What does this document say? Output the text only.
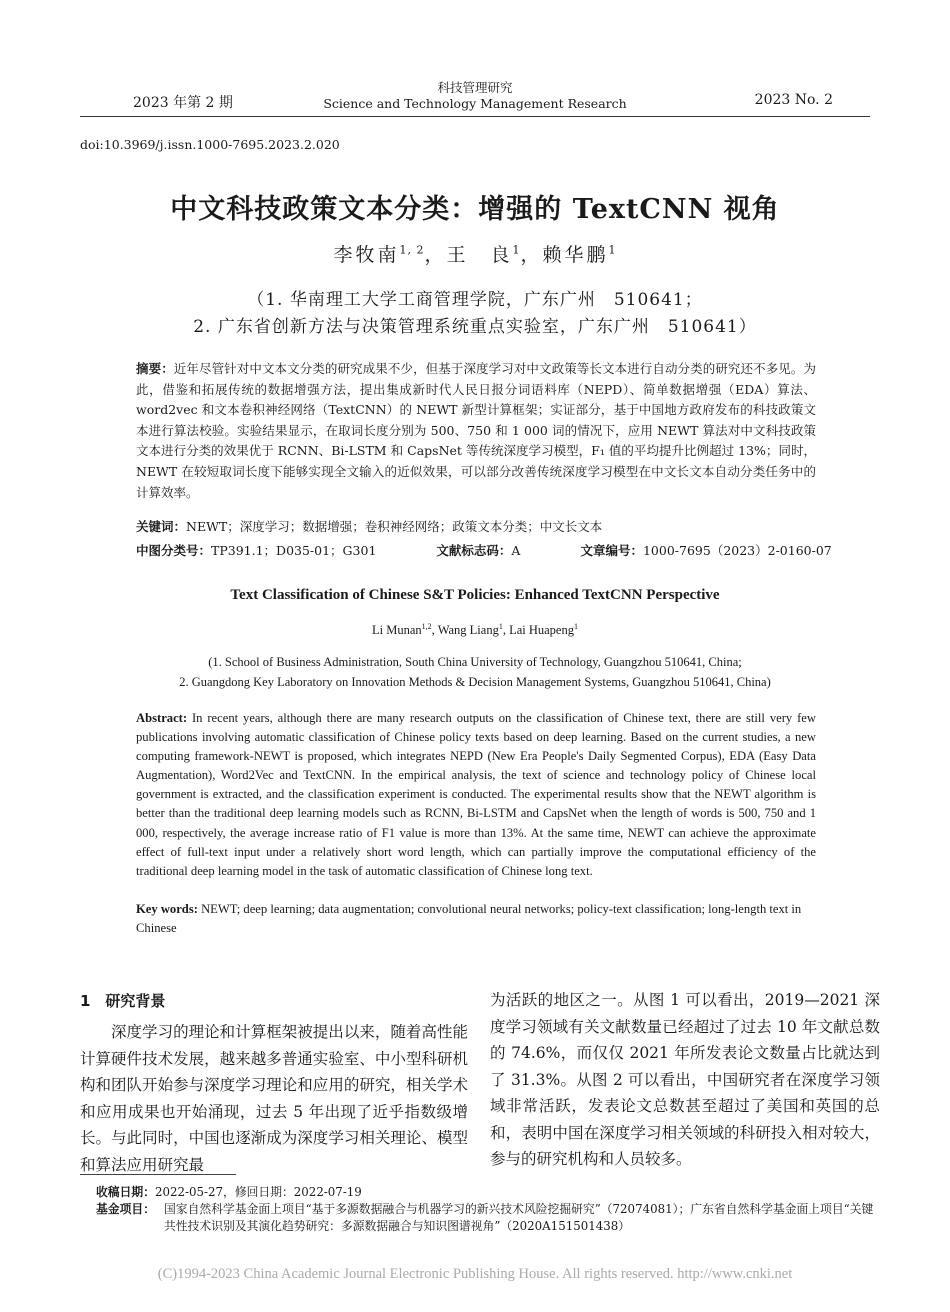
2023 年第 2 期
科技管理研究
Science and Technology Management Research	2023 No. 2
doi:10.3969/j.issn.1000-7695.2023.2.020
中文科技政策文本分类：增强的 TextCNN 视角
李牧南$^{1, 2}$，王　良$^1$，赖华鹏$^1$
（1. 华南理工大学工商管理学院，广东广州　510641；
2. 广东省创新方法与决策管理系统重点实验室，广东广州　510641）
摘要：近年尽管针对中文本文分类的研究成果不少，但基于深度学习对中文政策等长文本进行自动分类的研究还不多见。为此，借鉴和拓展传统的数据增强方法，提出集成新时代人民日报分词语料库（NEPD）、简单数据增强（EDA）算法、word2vec 和文本卷积神经网络（TextCNN）的 NEWT 新型计算框架；实证部分，基于中国地方政府发布的科技政策文本进行算法校验。实验结果显示，在取词长度分别为 500、750 和 1 000 词的情况下，应用 NEWT 算法对中文科技政策文本进行分类的效果优于 RCNN、Bi-LSTM 和 CapsNet 等传统深度学习模型，F₁ 值的平均提升比例超过 13%；同时，NEWT 在较短取词长度下能够实现全文输入的近似效果，可以部分改善传统深度学习模型在中文长文本自动分类任务中的计算效率。
关键词：NEWT；深度学习；数据增强；卷积神经网络；政策文本分类；中文长文本
中图分类号：TP391.1；D035-01；G301	文献标志码：A	文章编号：1000-7695（2023）2-0160-07
Text Classification of Chinese S&T Policies: Enhanced TextCNN Perspective
Li Munan$^{1,2}$, Wang Liang$^1$, Lai Huapeng$^1$
(1. School of Business Administration, South China University of Technology, Guangzhou 510641, China;
2. Guangdong Key Laboratory on Innovation Methods & Decision Management Systems, Guangzhou 510641, China)
Abstract: In recent years, although there are many research outputs on the classification of Chinese text, there are still very few publications involving automatic classification of Chinese policy texts based on deep learning. Based on the current studies, a new computing framework-NEWT is proposed, which integrates NEPD (New Era People's Daily Segmented Corpus), EDA (Easy Data Augmentation), Word2Vec and TextCNN. In the empirical analysis, the text of science and technology policy of Chinese local government is extracted, and the classification experiment is conducted. The experimental results show that the NEWT algorithm is better than the traditional deep learning models such as RCNN, Bi-LSTM and CapsNet when the length of words is 500, 750 and 1 000, respectively, the average increase ratio of F1 value is more than 13%. At the same time, NEWT can achieve the approximate effect of full-text input under a relatively short word length, which can partially improve the computational efficiency of the traditional deep learning model in the task of automatic classification of Chinese long text.
Key words: NEWT; deep learning; data augmentation; convolutional neural networks; policy-text classification; long-length text in Chinese
1　研究背景
深度学习的理论和计算框架被提出以来，随着高性能计算硬件技术发展，越来越多普通实验室、中小型科研机构和团队开始参与深度学习理论和应用的研究，相关学术和应用成果也开始涌现，过去 5 年出现了近乎指数级增长。与此同时，中国也逐渐成为深度学习相关理论、模型和算法应用研究最
为活跃的地区之一。从图 1 可以看出，2019—2021 深度学习领域有关文献数量已经超过了过去 10 年文献总数的 74.6%，而仅仅 2021 年所发表论文数量占比就达到了 31.3%。从图 2 可以看出，中国研究者在深度学习领域非常活跃，发表论文总数甚至超过了美国和英国的总和，表明中国在深度学习相关领域的科研投入相对较大，参与的研究机构和人员较多。
收稿日期：2022-05-27，修回日期：2022-07-19
基金项目： 国家自然科学基金面上项目“基于多源数据融合与机器学习的新兴技术风险挖掘研究”（72074081）；广东省自然科学基金面上项目“关键共性技术识别及其演化趋势研究：多源数据融合与知识图谱视角”（2020A151501438）
(C)1994-2023 China Academic Journal Electronic Publishing House. All rights reserved. http://www.cnki.net
